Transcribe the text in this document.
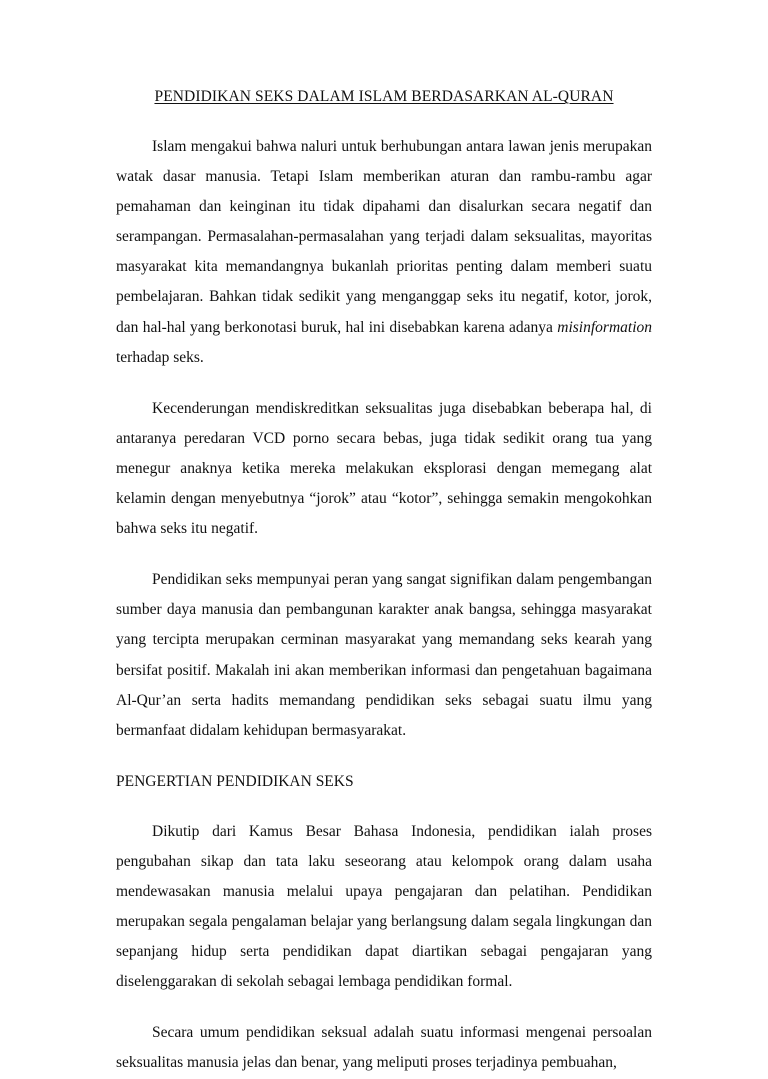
PENDIDIKAN SEKS DALAM ISLAM BERDASARKAN AL-QURAN

Islam mengakui bahwa naluri untuk berhubungan antara lawan jenis merupakan watak dasar manusia. Tetapi Islam memberikan aturan dan rambu-rambu agar pemahaman dan keinginan itu tidak dipahami dan disalurkan secara negatif dan serampangan. Permasalahan-permasalahan yang terjadi dalam seksualitas, mayoritas masyarakat kita memandangnya bukanlah prioritas penting dalam memberi suatu pembelajaran. Bahkan tidak sedikit yang menganggap seks itu negatif, kotor, jorok, dan hal-hal yang berkonotasi buruk, hal ini disebabkan karena adanya misinformation terhadap seks.

Kecenderungan mendiskreditkan seksualitas juga disebabkan beberapa hal, di antaranya peredaran VCD porno secara bebas, juga tidak sedikit orang tua yang menegur anaknya ketika mereka melakukan eksplorasi dengan memegang alat kelamin dengan menyebutnya “jorok” atau “kotor”, sehingga semakin mengokohkan bahwa seks itu negatif.

Pendidikan seks mempunyai peran yang sangat signifikan dalam pengembangan sumber daya manusia dan pembangunan karakter anak bangsa, sehingga masyarakat yang tercipta merupakan cerminan masyarakat yang memandang seks kearah yang bersifat positif. Makalah ini akan memberikan informasi dan pengetahuan bagaimana Al-Qur’an serta hadits memandang pendidikan seks sebagai suatu ilmu yang bermanfaat didalam kehidupan bermasyarakat.

PENGERTIAN PENDIDIKAN SEKS

Dikutip dari Kamus Besar Bahasa Indonesia, pendidikan ialah proses pengubahan sikap dan tata laku seseorang atau kelompok orang dalam usaha mendewasakan manusia melalui upaya pengajaran dan pelatihan. Pendidikan merupakan segala pengalaman belajar yang berlangsung dalam segala lingkungan dan sepanjang hidup serta pendidikan dapat diartikan sebagai pengajaran yang diselenggarakan di sekolah sebagai lembaga pendidikan formal.

Secara umum pendidikan seksual adalah suatu informasi mengenai persoalan seksualitas manusia jelas dan benar, yang meliputi proses terjadinya pembuahan,
